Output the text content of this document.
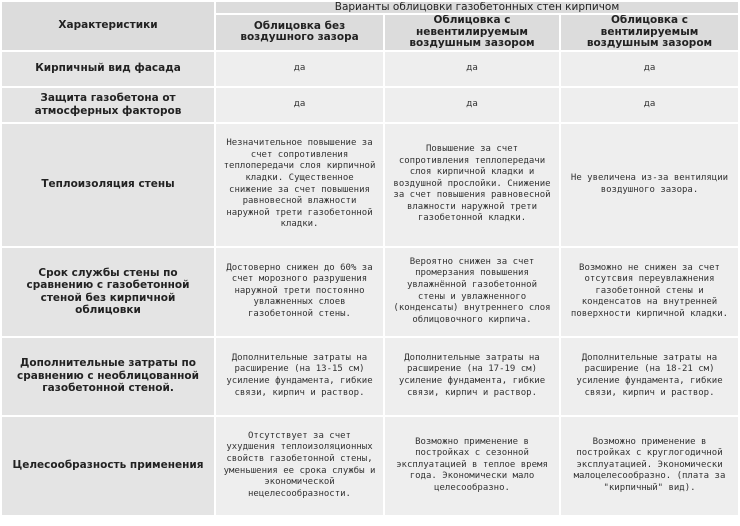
Характеристики	Варианты облицовки газобетонных стен кирпичом		
	Облицовка без воздушного зазора	Облицовка с невентилируемым воздушным зазором	Облицовка с вентилируемым воздушным зазором
Кирпичный вид фасада	да	да	да
Защита газобетона от атмосферных факторов	да	да	да
Теплоизоляция стены	Незначительное повышение за счет сопротивления теплопередачи слоя кирпичной кладки. Существенное снижение за счет повышения равновесной влажности наружной трети газобетонной кладки.	Повышение за счет сопротивления теплопередачи слоя кирпичной кладки и воздушной прослойки. Снижение за счет повышения равновесной влажности наружной трети газобетонной кладки.	Не увеличена из-за вентиляции воздушного зазора.
Срок службы стены по сравнению с газобетонной стеной без кирпичной облицовки	Достоверно снижен до 60% за счет морозного разрушения наружной трети постоянно увлажненных слоев газобетонной стены.	Вероятно снижен за счет промерзания повышения увлажнённой газобетонной стены и увлажненного (конденсаты) внутреннего слоя облицовочного кирпича.	Возможно не снижен за счет отсутсвия переувлажнения газобетонной стены и конденсатов на внутренней поверхности кирпичной кладки.
Дополнительные затраты по сравнению с необлицованной газобетонной стеной.	Дополнительные затраты на расширение (на 13-15 см) усиление фундамента, гибкие связи, кирпич и раствор.	Дополнительные затраты на расширение (на 17-19 см) усиление фундамента, гибкие связи, кирпич и раствор.	Дополнительные затраты на расширение (на 18-21 см) усиление фундамента, гибкие связи, кирпич и раствор.
Целесообразность применения	Отсутствует за счет ухудшения теплоизоляционных свойств газобетонной стены, уменьшения ее срока службы и экономической нецелесообразности.	Возможно применение в постройках с сезонной эксплуатацией в теплое время года. Экономически мало целесообразно.	Возможно применение в постройках с круглогодичной эксплуатацией. Экономически малоцелесообразно. (плата за "кирпичный" вид).
